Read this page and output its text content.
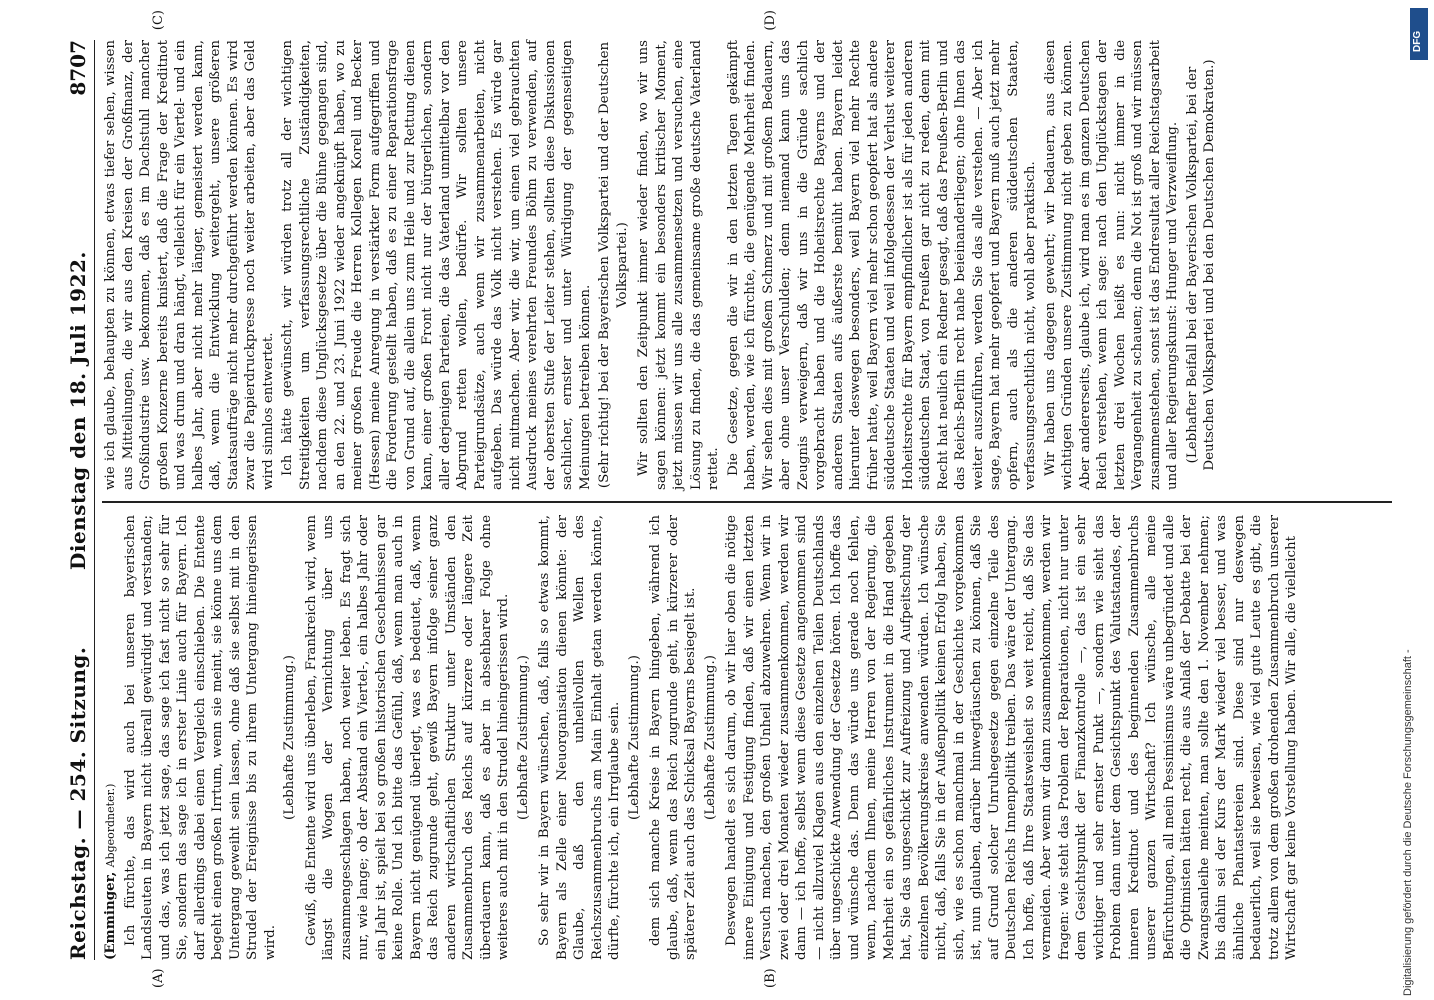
Reichstag. — 254. Sitzung.
Dienstag den 18. Juli 1922.
8707
(A)	(B)

(Emminger, Abgeordneter.) Ich fürchte, das wird auch bei unseren bayerischen Landsleuten in Bayern nicht überall gewürdigt und verstanden; und das, was ich jetzt sage, das sage ich fast nicht so sehr für Sie, sondern das sage ich in erster Linie auch für Bayern. Ich darf allerdings dabei einen Vergleich einschieben. Die Entente begeht einen großen Irrtum, wenn sie meint, sie könne uns dem Untergang geweiht sein lassen, ohne daß sie selbst mit in den Strudel der Ereignisse bis zu ihrem Untergang hineingerissen wird.

(Lebhafte Zustimmung.) Gewiß, die Entente wird uns überleben, Frankreich wird, wenn längst die Wogen der Vernichtung über uns zusammengeschlagen haben, noch weiter leben. Es fragt sich nur, wie lange; ob der Abstand ein Viertel-, ein halbes Jahr oder ein Jahr ist, spielt bei so großen historischen Geschehnissen gar keine Rolle. Und ich bitte das Gefühl, daß, wenn man auch in Bayern nicht genügend überlegt, was es bedeutet, daß, wenn das Reich zugrunde geht, gewiß Bayern infolge seiner ganz anderen wirtschaftlichen Struktur unter Umständen den Zusammenbruch des Reichs auf kürzere oder längere Zeit überdauern kann, daß es aber in absehbarer Folge ohne weiteres auch mit in den Strudel hineingerissen wird. (Lebhafte Zustimmung.) So sehr wir in Bayern wünschen, daß, falls so etwas kommt, Bayern als Zelle einer Neuorganisation dienen könnte: der Glaube, daß den unheilvollen Wellen des Reichszusammenbruchs am Main Einhalt getan werden könnte, dürfte, fürchte ich, ein Irrglaube sein. (Lebhafte Zustimmung.) dem sich manche Kreise in Bayern hingeben, während ich glaube, daß, wenn das Reich zugrunde geht, in kürzerer oder späterer Zeit auch das Schicksal Bayerns besiegelt ist. (Lebhafte Zustimmung.) Deswegen handelt es sich darum, ob wir hier oben die nötige innere Einigung und Festigung finden, daß wir einen letzten Versuch machen, den großen Unheil abzuwehren. Wenn wir in zwei oder drei Monaten wieder zusammenkommen, werden wir dann — ich hoffe, selbst wenn diese Gesetze angenommen sind — nicht allzuviel Klagen aus den einzelnen Teilen Deutschlands über ungeschickte Anwendung der Gesetze hören. Ich hoffe das und wünsche das. Denn das würde uns gerade noch fehlen, wenn, nachdem Ihnen, meine Herren von der Regierung, die Mehrheit ein so gefährliches Instrument in die Hand gegeben hat, Sie das ungeschickt zur Aufreizung und Aufpeitschung der einzelnen Bevölkerungskreise anwenden würden. Ich wünsche nicht, daß, falls Sie in der Außenpolitik keinen Erfolg haben, Sie sich, wie es schon manchmal in der Geschichte vorgekommen ist, nun glauben, darüber hinwegtäuschen zu können, daß Sie auf Grund solcher Unruhegesetze gegen einzelne Teile des Deutschen Reichs Innenpolitik treiben. Das wäre der Untergang. Ich hoffe, daß Ihre Staatsweisheit so weit reicht, daß Sie das vermeiden. Aber wenn wir dann zusammenkommen, werden wir fragen: wie steht das Problem der Reparationen, nicht nur unter dem Gesichtspunkt der Finanzkontrolle —, das ist ein sehr wichtiger und sehr ernster Punkt —, sondern wie sieht das Problem dann unter dem Gesichtspunkt des Valutastandes, der inneren Kreditnot und des beginnenden Zusammenbruchs unserer ganzen Wirtschaft? Ich wünsche, alle meine Befürchtungen, all mein Pessimismus wäre unbegründet und alle die Optimisten hätten recht, die aus Anlaß der Debatte bei der Zwangsanleihe meinten, man sollte den 1. November nehmen; bis dahin sei der Kurs der Mark wieder viel besser, und was ähnliche Phantastereien sind. Diese sind nur deswegen bedauerlich, weil sie beweisen, wie viel gute Leute es gibt, die trotz allem von dem großen drohenden Zusammenbruch unserer Wirtschaft gar keine Vorstellung haben. Wir alle, die vielleicht

(C)	(D)

wie ich glaube, behaupten zu können, etwas tiefer sehen, wissen aus Mitteilungen, die wir aus den Kreisen der Großfinanz, der Großindustrie usw. bekommen, daß es im Dachstuhl mancher großen Konzerne bereits knistert, daß die Frage der Kreditnot und was drum und dran hängt, vielleicht für ein Viertel- und ein halbes Jahr, aber nicht mehr länger, gemeistert werden kann, daß, wenn die Entwicklung weitergeht, unsere größeren Staatsaufträge nicht mehr durchgeführt werden können. Es wird zwar die Papierdruckpresse noch weiter arbeiten, aber das Geld wird sinnlos entwertet. Ich hätte gewünscht, wir würden trotz all der wichtigen Streitigkeiten um verfassungsrechtliche Zuständigkeiten, nachdem diese Unglücksgesetze über die Bühne gegangen sind, an den 22. und 23. Juni 1922 wieder angeknüpft haben, wo zu meiner großen Freude die Herren Kollegen Korell und Becker (Hessen) meine Anregung in verstärkter Form aufgegriffen und die Forderung gestellt haben, daß es zu einer Reparationsfrage von Grund auf, die allein uns zum Heile und zur Rettung dienen kann, einer großen Front nicht nur der bürgerlichen, sondern aller derjenigen Parteien, die das Vaterland unmittelbar vor den Abgrund retten wollen, bedürfe. Wir sollten unsere Parteigrundsätze, auch wenn wir zusammenarbeiten, nicht aufgeben. Das würde das Volk nicht verstehen. Es würde gar nicht mitmachen. Aber wir, die wir, um einen viel gebrauchten Ausdruck meines verehrten Freundes Böhm zu verwenden, auf der obersten Stufe der Leiter stehen, sollten diese Diskussionen sachlicher, ernster und unter Würdigung der gegenseitigen Meinungen betreiben können. (Sehr richtig! bei der Bayerischen Volkspartei und der Deutschen Volkspartei.) Wir sollten den Zeitpunkt immer wieder finden, wo wir uns sagen können: jetzt kommt ein besonders kritischer Moment, jetzt müssen wir uns alle zusammensetzen und versuchen, eine Lösung zu finden, die das gemeinsame große deutsche Vaterland rettet. Die Gesetze, gegen die wir in den letzten Tagen gekämpft haben, werden, wie ich fürchte, die genügende Mehrheit finden. Wir sehen dies mit großem Schmerz und mit großem Bedauern, aber ohne unser Verschulden; denn niemand kann uns das Zeugnis verweigern, daß wir uns in die Gründe sachlich vorgebracht haben und die Hoheitsrechte Bayerns und der anderen Staaten aufs äußerste bemüht haben. Bayern leidet hierunter deswegen besonders, weil Bayern viel mehr Rechte früher hatte, weil Bayern viel mehr schon geopfert hat als andere süddeutsche Staaten und weil infolgedessen der Verlust weiterer Hoheitsrechte für Bayern empfindlicher ist als für jeden anderen süddeutschen Staat, von Preußen gar nicht zu reden, denn mit Recht hat neulich ein Redner gesagt, daß das Preußen-Berlin und das Reichs-Berlin recht nahe beieinanderliegen; ohne Ihnen das weiter auszuführen, werden Sie das alle verstehen. — Aber ich sage, Bayern hat mehr geopfert und Bayern muß auch jetzt mehr opfern, auch als die anderen süddeutschen Staaten, verfassungsrechtlich nicht, wohl aber praktisch. Wir haben uns dagegen gewehrt; wir bedauern, aus diesen wichtigen Gründen unsere Zustimmung nicht geben zu können. Aber andererseits, glaube ich, wird man es im ganzen Deutschen Reich verstehen, wenn ich sage: nach den Unglückstagen der letzten drei Wochen heißt es nun: nicht immer in die Vergangenheit zu schauen; denn die Not ist groß und wir müssen zusammenstehen, sonst ist das Endresultat aller Reichstagsarbeit und aller Regierungskunst: Hunger und Verzweiflung. (Lebhafter Beifall bei der Bayerischen Volkspartei, bei der Deutschen Volkspartei und bei den Deutschen Demokraten.)

DFG
Digitalisierung gefördert durch die Deutsche Forschungsgemeinschaft -
